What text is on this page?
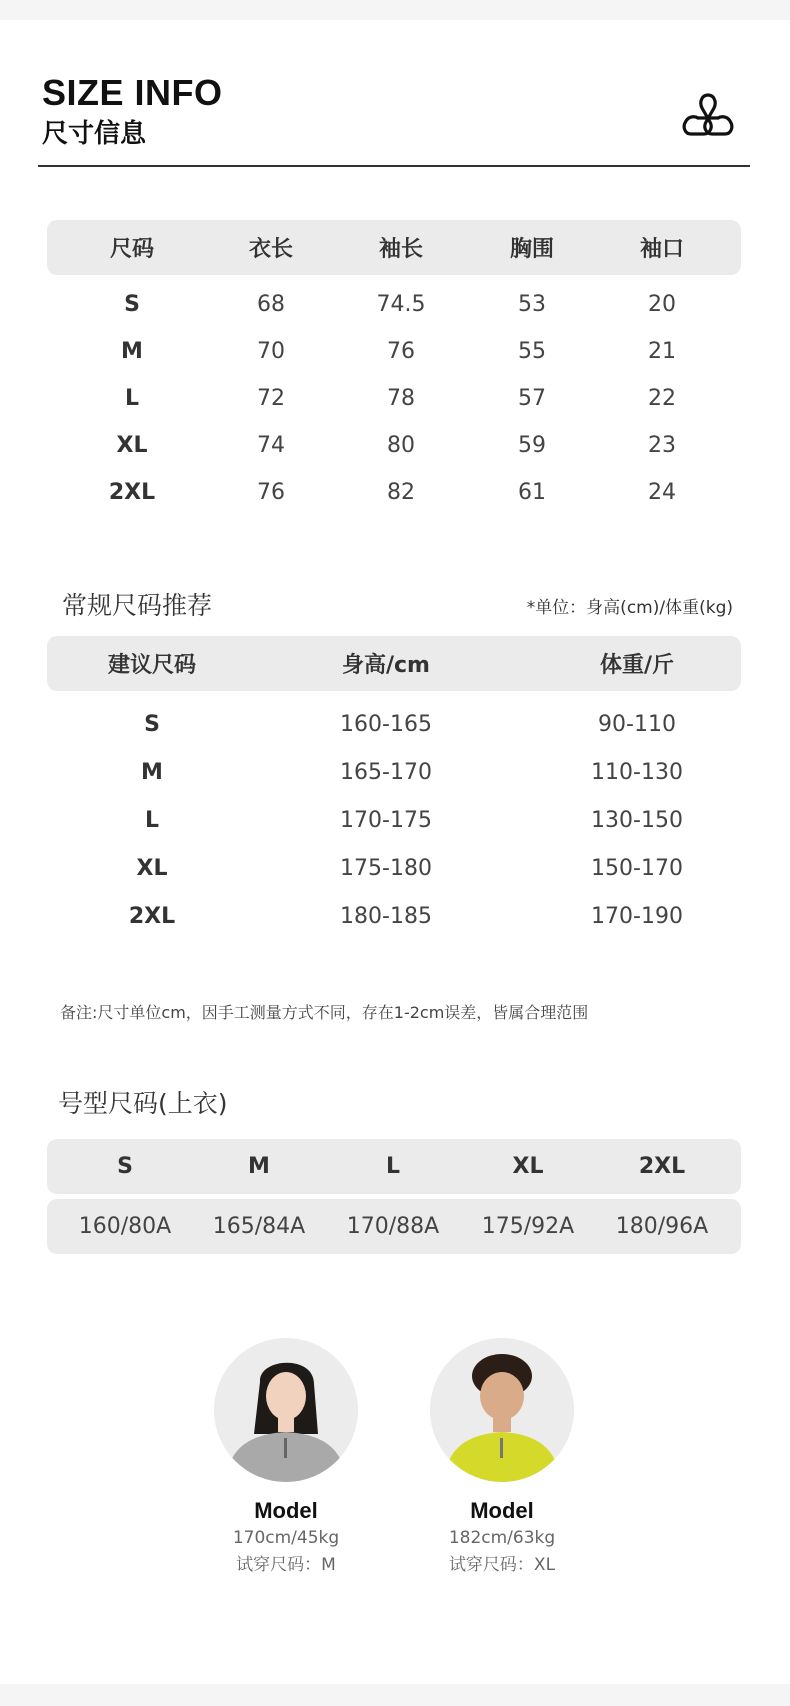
SIZE INFO
尺寸信息
尺码	衣长	袖长	胸围	袖口
S	68	74.5	53	20
M	70	76	55	21
L	72	78	57	22
XL	74	80	59	23
2XL	76	82	61	24
常规尺码推荐	*单位：身高(cm)/体重(kg)
建议尺码	身高/cm	体重/斤
S	160-165	90-110
M	165-170	110-130
L	170-175	130-150
XL	175-180	150-170
2XL	180-185	170-190
备注:尺寸单位cm，因手工测量方式不同，存在1-2cm误差，皆属合理范围
号型尺码(上衣)
S	M	L	XL	2XL
160/80A	165/84A	170/88A	175/92A	180/96A
Model
170cm/45kg
试穿尺码：M
Model
182cm/63kg
试穿尺码：XL
